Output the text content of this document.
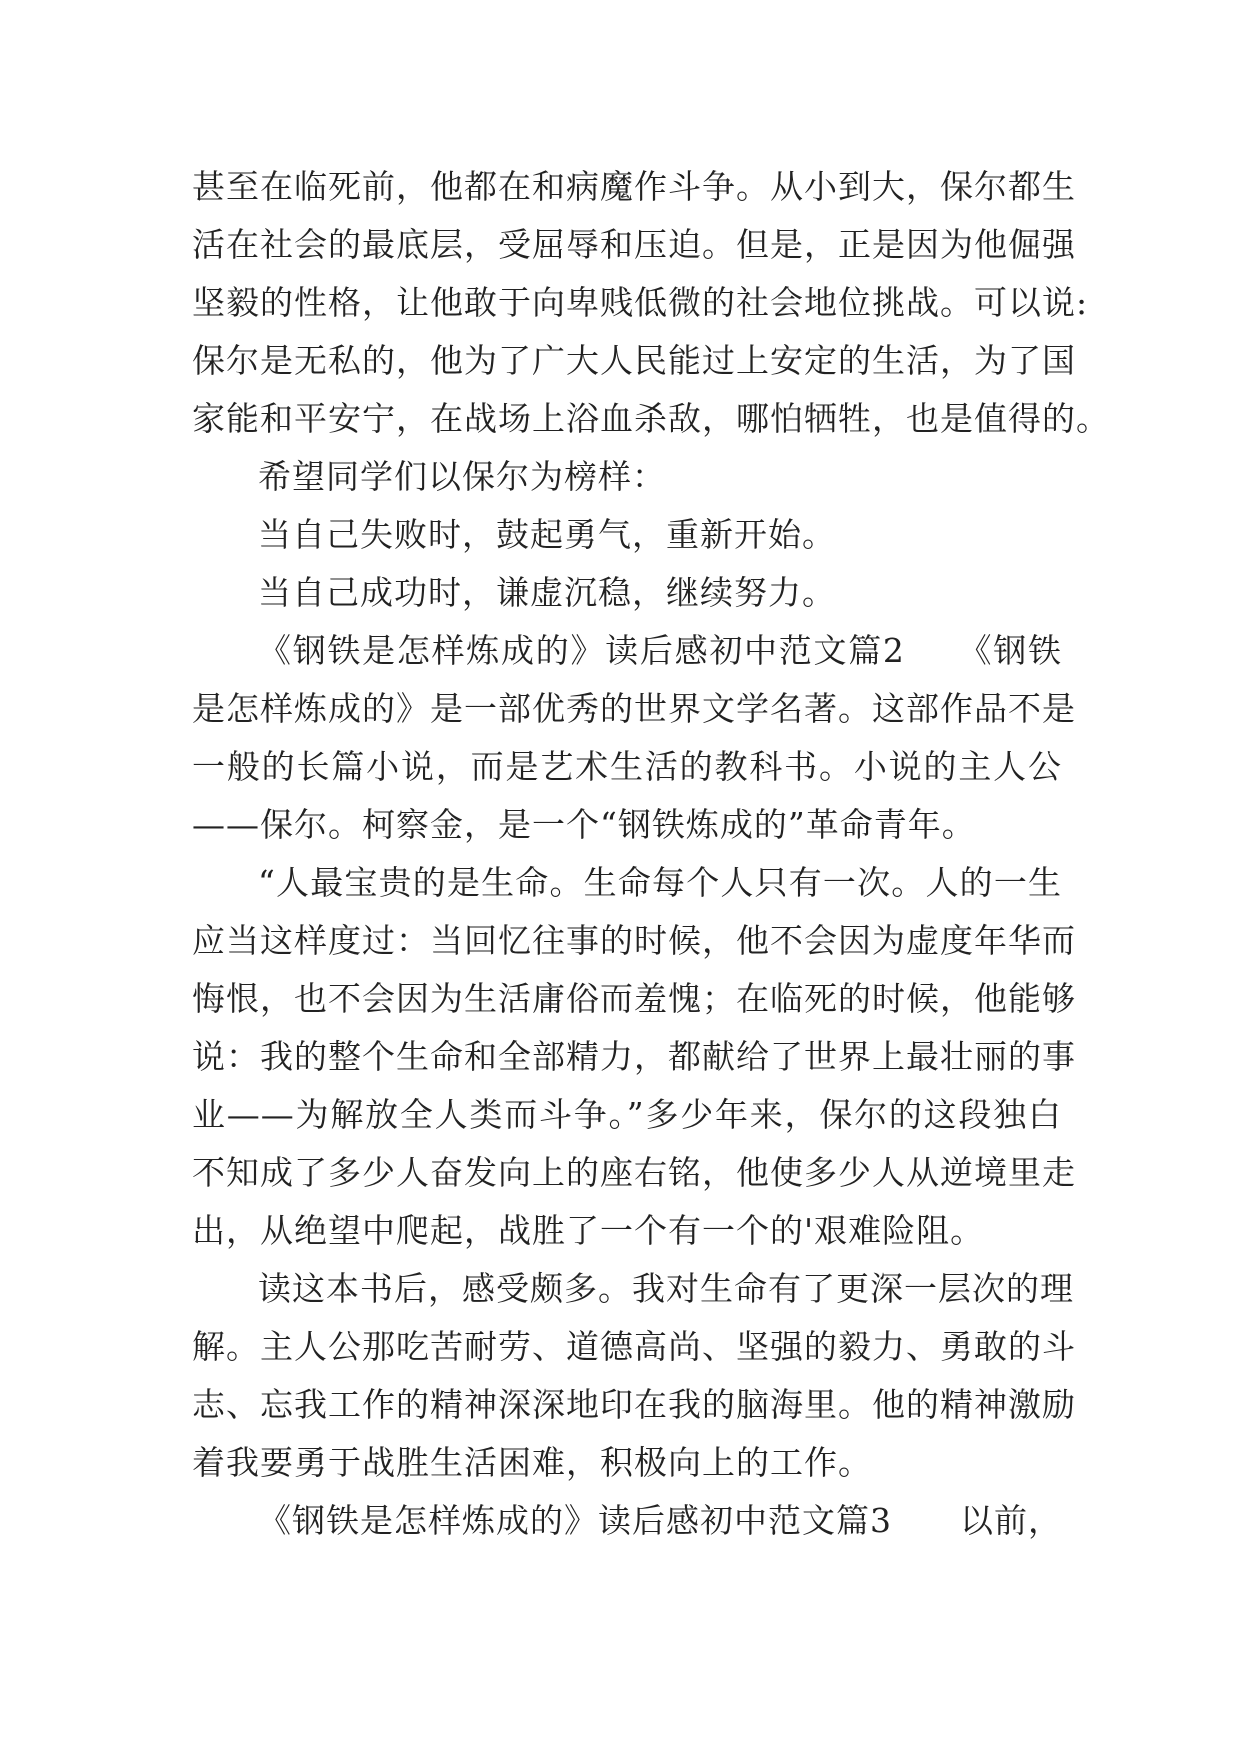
甚至在临死前，他都在和病魔作斗争。从小到大，保尔都生
活在社会的最底层，受屈辱和压迫。但是，正是因为他倔强
坚毅的性格，让他敢于向卑贱低微的社会地位挑战。可以说:
保尔是无私的，他为了广大人民能过上安定的生活，为了国
家能和平安宁，在战场上浴血杀敌，哪怕牺牲，也是值得的。
希望同学们以保尔为榜样：
当自己失败时，鼓起勇气，重新开始。
当自己成功时，谦虚沉稳，继续努力。
《钢铁是怎样炼成的》读后感初中范文篇2　　《钢铁
是怎样炼成的》是一部优秀的世界文学名著。这部作品不是
一般的长篇小说，而是艺术生活的教科书。小说的主人公
——保尔。柯察金，是一个“钢铁炼成的”革命青年。
“人最宝贵的是生命。生命每个人只有一次。人的一生
应当这样度过：当回忆往事的时候，他不会因为虚度年华而
悔恨，也不会因为生活庸俗而羞愧；在临死的时候，他能够
说：我的整个生命和全部精力，都献给了世界上最壮丽的事
业——为解放全人类而斗争。”多少年来，保尔的这段独白
不知成了多少人奋发向上的座右铭，他使多少人从逆境里走
出，从绝望中爬起，战胜了一个有一个的'艰难险阻。
读这本书后，感受颇多。我对生命有了更深一层次的理
解。主人公那吃苦耐劳、道德高尚、坚强的毅力、勇敢的斗
志、忘我工作的精神深深地印在我的脑海里。他的精神激励
着我要勇于战胜生活困难，积极向上的工作。
《钢铁是怎样炼成的》读后感初中范文篇3　　以前，
